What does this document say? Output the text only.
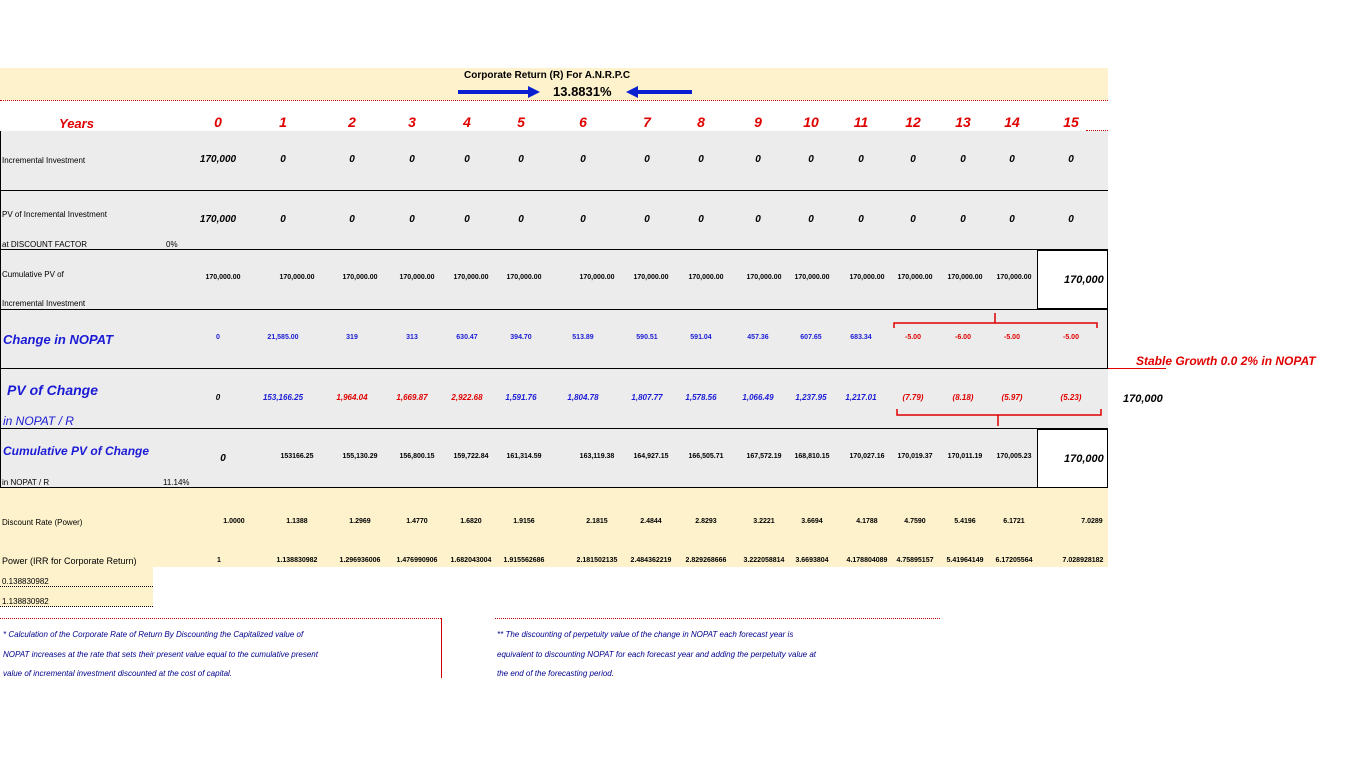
Corporate Return (R) For A.N.R.P.C
13.8831%
Years	0	1	2	3	4	5	6	7	8	9	10 11	12 13 14	15
Incremental Investment	170,000	0	0	0	0	0	0	0	0	0	0	0	0	0	0	0
PV of Incremental Investment
at DISCOUNT FACTOR	0%
170,000	0	0	0	0	0	0	0	0	0	0	0	0	0	0	0
Cumulative PV of
Incremental Investment
170,000.00	170,000.00	170,000.00	170,000.00	170,000.00	170,000.00	170,000.00	170,000.00	170,000.00	170,000.00 170,000.00	170,000.00 170,000.00 170,000.00 170,000.00	170,000
Change in NOPAT	0	21,585.00	319	313	630.47	394.70	513.89	590.51	591.04	457.36	607.65	683.34	-5.00	-6.00	-5.00	-5.00
Stable Growth 0.0 2% in NOPAT
PV of Change
in NOPAT / R
0	153,166.25	1,964.04	1,669.87	2,922.68	1,591.76	1,804.78	1,807.77	1,578.56	1,066.49	1,237.95 1,217.01	(7.79)	(8.18)	(5.97)	(5.23)	170,000
Cumulative PV of Change
in NOPAT / R	11.14%
0	153166.25	155,130.29	156,800.15	159,722.84	161,314.59	163,119.38	164,927.15	166,505.71	167,572.19 168,810.15	170,027.16 170,019.37 170,011.19 170,005.23	170,000
Discount Rate (Power)	1.0000	1.1388	1.2969	1.4770	1.6820	1.9156	2.1815	2.4844	2.8293	3.2221	3.6694	4.1788	4.7590	5.4196	6.1721	7.0289
Power (IRR for Corporate Return)	1	1.138830982	1.296936006 1.476990906 1.682043004 1.915562686	2.181502135 2.484362219 2.829268666 3.222058814 3.6693804	4.178804089 4.75895157 5.41964149 6.17205564	7.028928182
0.138830982
1.138830982
* Calculation of the Corporate Rate of Return By Discounting the Capitalized value of
NOPAT increases at the rate that sets their present value equal to the cumulative present
value of incremental investment discounted at the cost of capital.
** The discounting of perpetuity value of the change in NOPAT each forecast year is
equivalent to discounting NOPAT for each forecast year and adding the perpetuity value at
the end of the forecasting period.
